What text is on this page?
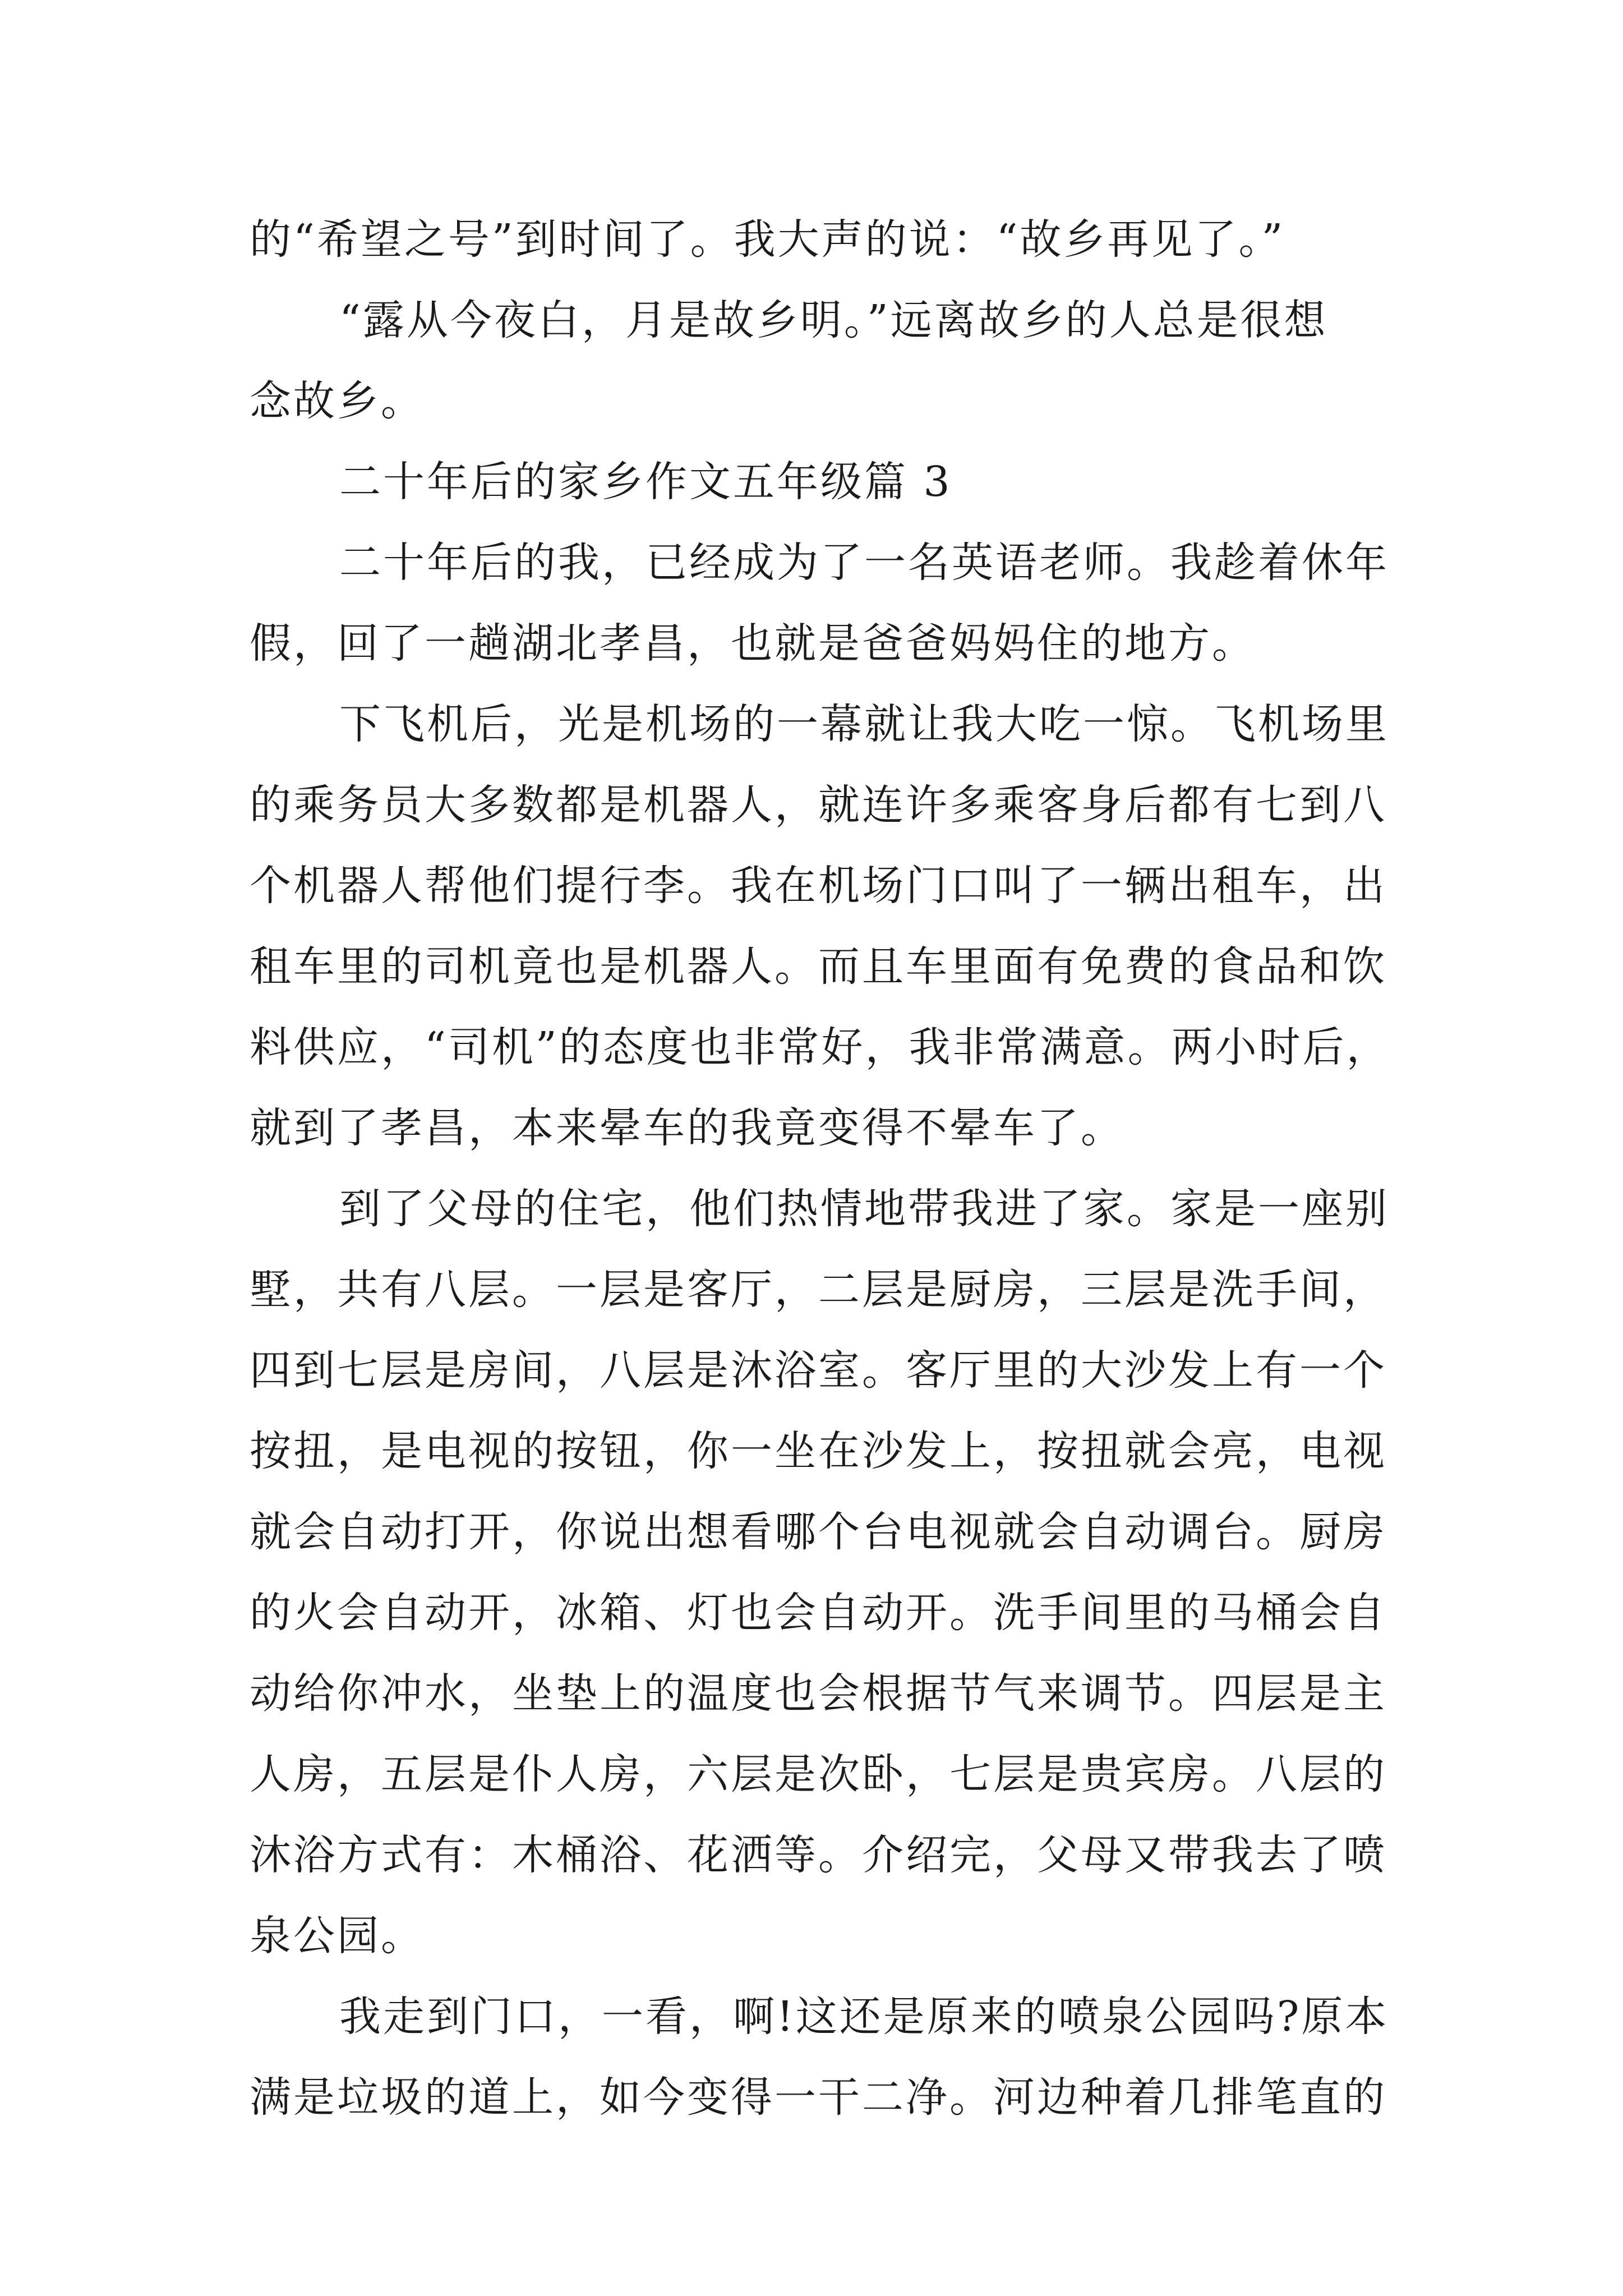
的“希望之号”到时间了。我大声的说：“故乡再见了。”
“露从今夜白，月是故乡明。”远离故乡的人总是很想
念故乡。
二十年后的家乡作文五年级篇 3
二十年后的我，已经成为了一名英语老师。我趁着休年
假，回了一趟湖北孝昌，也就是爸爸妈妈住的地方。
下飞机后，光是机场的一幕就让我大吃一惊。飞机场里
的乘务员大多数都是机器人，就连许多乘客身后都有七到八
个机器人帮他们提行李。我在机场门口叫了一辆出租车，出
租车里的司机竟也是机器人。而且车里面有免费的食品和饮
料供应，“司机”的态度也非常好，我非常满意。两小时后，
就到了孝昌，本来晕车的我竟变得不晕车了。
到了父母的住宅，他们热情地带我进了家。家是一座别
墅，共有八层。一层是客厅，二层是厨房，三层是洗手间，
四到七层是房间，八层是沐浴室。客厅里的大沙发上有一个
按扭，是电视的按钮，你一坐在沙发上，按扭就会亮，电视
就会自动打开，你说出想看哪个台电视就会自动调台。厨房
的火会自动开，冰箱、灯也会自动开。洗手间里的马桶会自
动给你冲水，坐垫上的温度也会根据节气来调节。四层是主
人房，五层是仆人房，六层是次卧，七层是贵宾房。八层的
沐浴方式有：木桶浴、花洒等。介绍完，父母又带我去了喷
泉公园。
我走到门口，一看，啊!这还是原来的喷泉公园吗?原本
满是垃圾的道上，如今变得一干二净。河边种着几排笔直的
